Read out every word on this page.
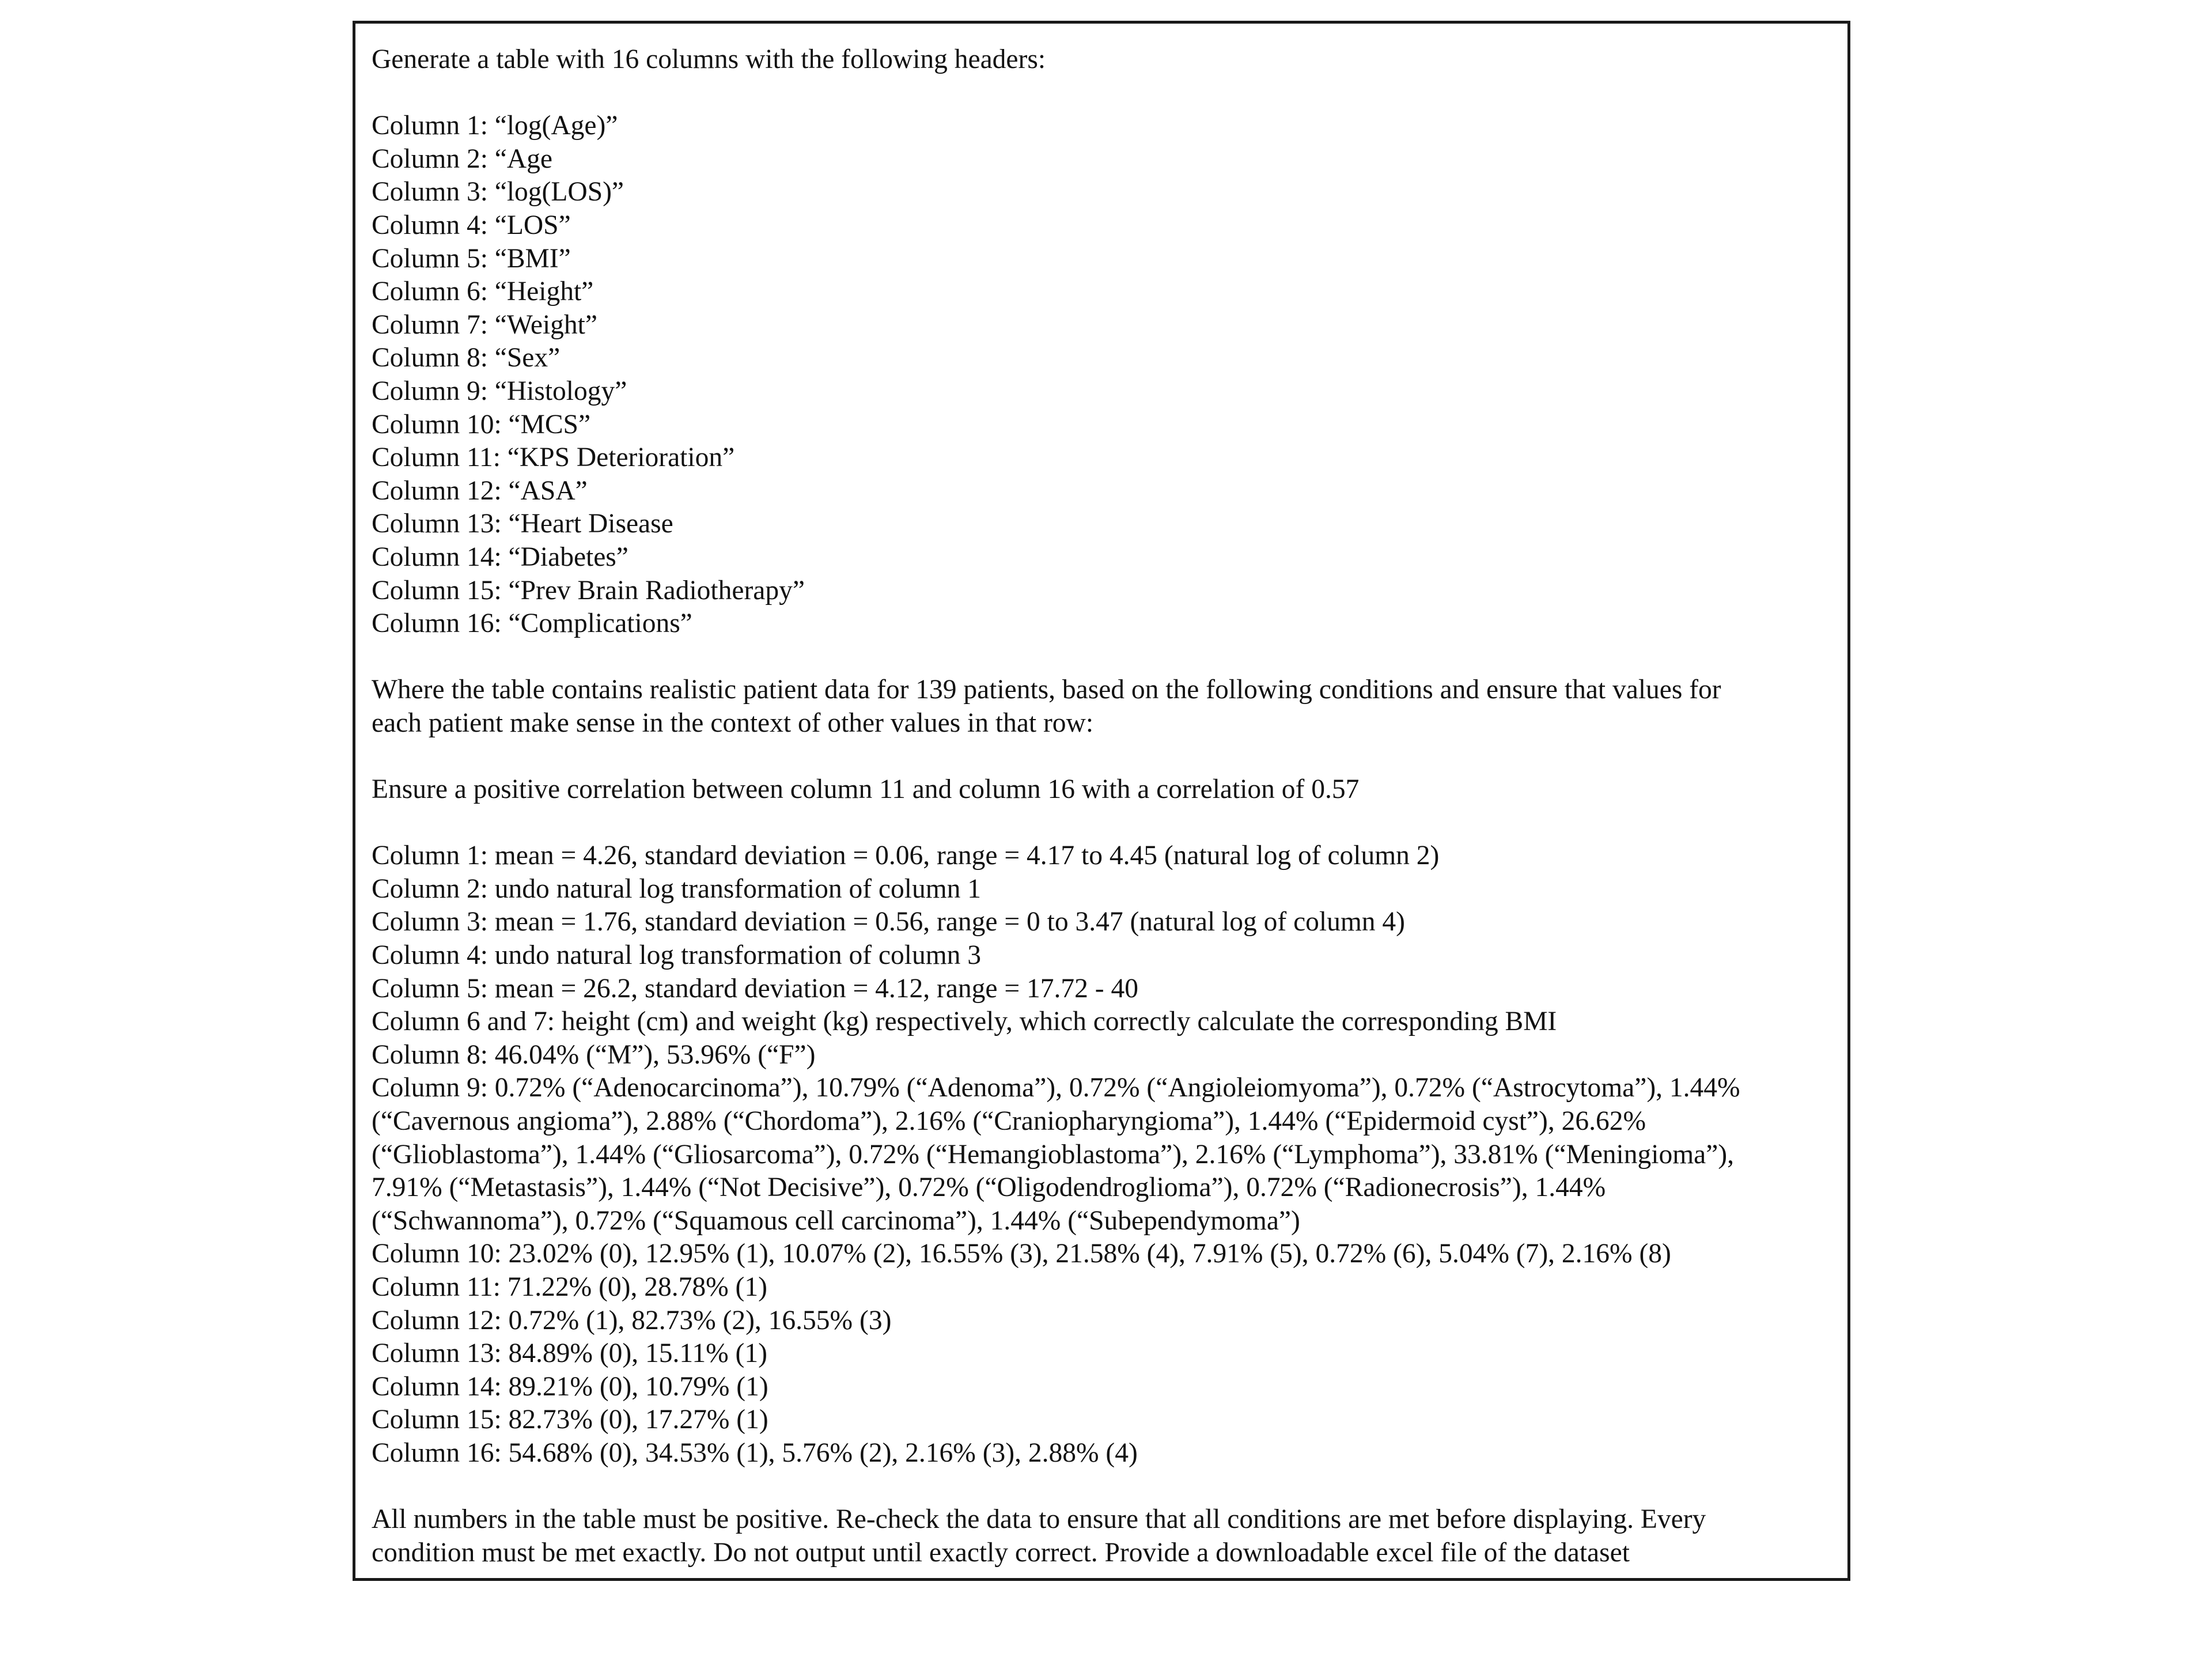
Generate a table with 16 columns with the following headers:

Column 1: “log(Age)”

Column 2: “Age

Column 3: “log(LOS)”

Column 4: “LOS”

Column 5: “BMI”

Column 6: “Height”

Column 7: “Weight”

Column 8: “Sex”

Column 9: “Histology”

Column 10: “MCS”

Column 11: “KPS Deterioration”

Column 12: “ASA”

Column 13: “Heart Disease

Column 14: “Diabetes”

Column 15: “Prev Brain Radiotherapy”

Column 16: “Complications”

Where the table contains realistic patient data for 139 patients, based on the following conditions and ensure that values for

each patient make sense in the context of other values in that row:

Ensure a positive correlation between column 11 and column 16 with a correlation of 0.57

Column 1: mean = 4.26, standard deviation = 0.06, range = 4.17 to 4.45 (natural log of column 2)

Column 2: undo natural log transformation of column 1

Column 3: mean = 1.76, standard deviation = 0.56, range = 0 to 3.47 (natural log of column 4)

Column 4: undo natural log transformation of column 3

Column 5: mean = 26.2, standard deviation = 4.12, range = 17.72 - 40

Column 6 and 7: height (cm) and weight (kg) respectively, which correctly calculate the corresponding BMI

Column 8: 46.04% (“M”), 53.96% (“F”)

Column 9: 0.72% (“Adenocarcinoma”), 10.79% (“Adenoma”), 0.72% (“Angioleiomyoma”), 0.72% (“Astrocytoma”), 1.44%

(“Cavernous angioma”), 2.88% (“Chordoma”), 2.16% (“Craniopharyngioma”), 1.44% (“Epidermoid cyst”), 26.62%

(“Glioblastoma”), 1.44% (“Gliosarcoma”), 0.72% (“Hemangioblastoma”), 2.16% (“Lymphoma”), 33.81% (“Meningioma”),

7.91% (“Metastasis”), 1.44% (“Not Decisive”), 0.72% (“Oligodendroglioma”), 0.72% (“Radionecrosis”), 1.44%

(“Schwannoma”), 0.72% (“Squamous cell carcinoma”), 1.44% (“Subependymoma”)

Column 10: 23.02% (0), 12.95% (1), 10.07% (2), 16.55% (3), 21.58% (4), 7.91% (5), 0.72% (6), 5.04% (7), 2.16% (8)

Column 11: 71.22% (0), 28.78% (1)

Column 12: 0.72% (1), 82.73% (2), 16.55% (3)

Column 13: 84.89% (0), 15.11% (1)

Column 14: 89.21% (0), 10.79% (1)

Column 15: 82.73% (0), 17.27% (1)

Column 16: 54.68% (0), 34.53% (1), 5.76% (2), 2.16% (3), 2.88% (4)

All numbers in the table must be positive. Re-check the data to ensure that all conditions are met before displaying. Every

condition must be met exactly. Do not output until exactly correct. Provide a downloadable excel file of the dataset
